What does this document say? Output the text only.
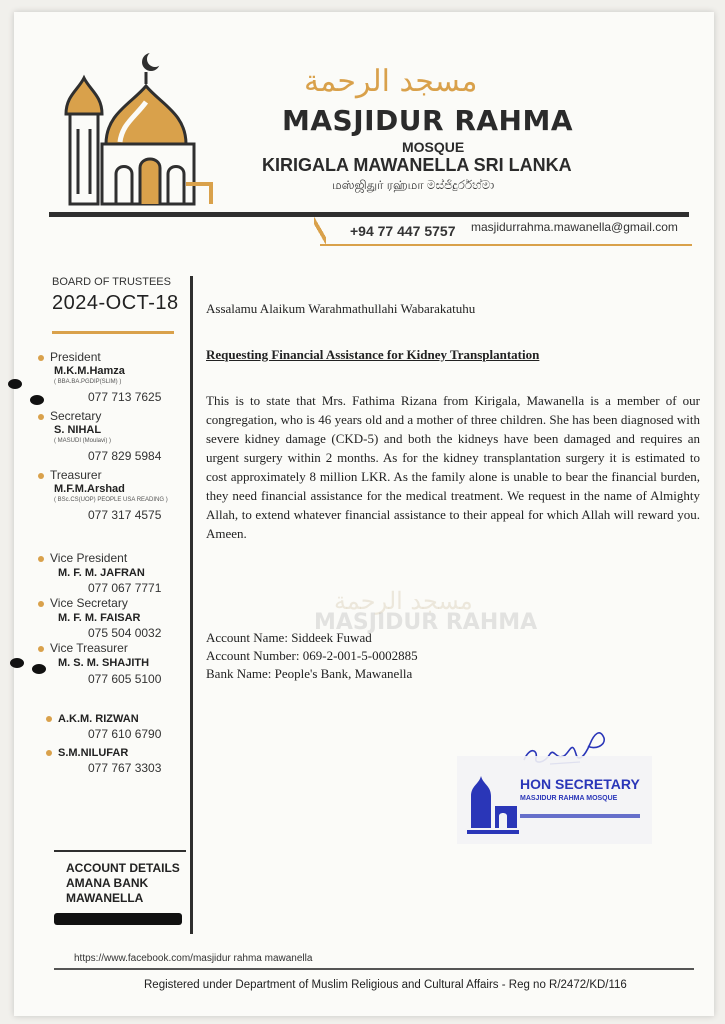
مسجد الرحمة
MASJIDUR RAHMA
MOSQUE
KIRIGALA MAWANELLA SRI LANKA
மஸ்ஜிதுர் ரஹ்மா මස්ජිදුර්රහ්මා
+94 77 447 5757 masjidurrahma.mawanella@gmail.com
BOARD OF TRUSTEES
2024-OCT-18
President
M.K.M.Hamza
( BBA.BA.PGDIP(SLIM) )
077 713 7625
Secretary
S. NIHAL
( MASUDI (Moulavi) )
077 829 5984
Treasurer
M.F.M.Arshad
( BSc.CS(UOP) PEOPLE USA READING )
077 317 4575
Vice President
M. F. M. JAFRAN
077 067 7771
Vice Secretary
M. F. M. FAISAR
075 504 0032
Vice Treasurer
M. S. M. SHAJITH
077 605 5100
A.K.M. RIZWAN
077 610 6790
S.M.NILUFAR
077 767 3303
ACCOUNT DETAILS
AMANA BANK
MAWANELLA
مسجد الرحمة
MASJIDUR RAHMA
Assalamu Alaikum Warahmathullahi Wabarakatuhu
Requesting Financial Assistance for Kidney Transplantation
This is to state that Mrs. Fathima Rizana from Kirigala, Mawanella is a member of our congregation, who is 46 years old and a mother of three children. She has been diagnosed with severe kidney damage (CKD-5) and both the kidneys have been damaged and requires an urgent surgery within 2 months. As for the kidney transplantation surgery it is estimated to cost approximately 8 million LKR. As the family alone is unable to bear the financial burden, they need financial assistance for the medical treatment. We request in the name of Almighty Allah, to extend whatever financial assistance to their appeal for which Allah will reward you. Ameen.
Account Name: Siddeek Fuwad
Account Number: 069-2-001-5-0002885
Bank Name: People's Bank, Mawanella
HON SECRETARY
MASJIDUR RAHMA MOSQUE
https://www.facebook.com/masjidur rahma mawanella
Registered under Department of Muslim Religious and Cultural Affairs - Reg no R/2472/KD/116
